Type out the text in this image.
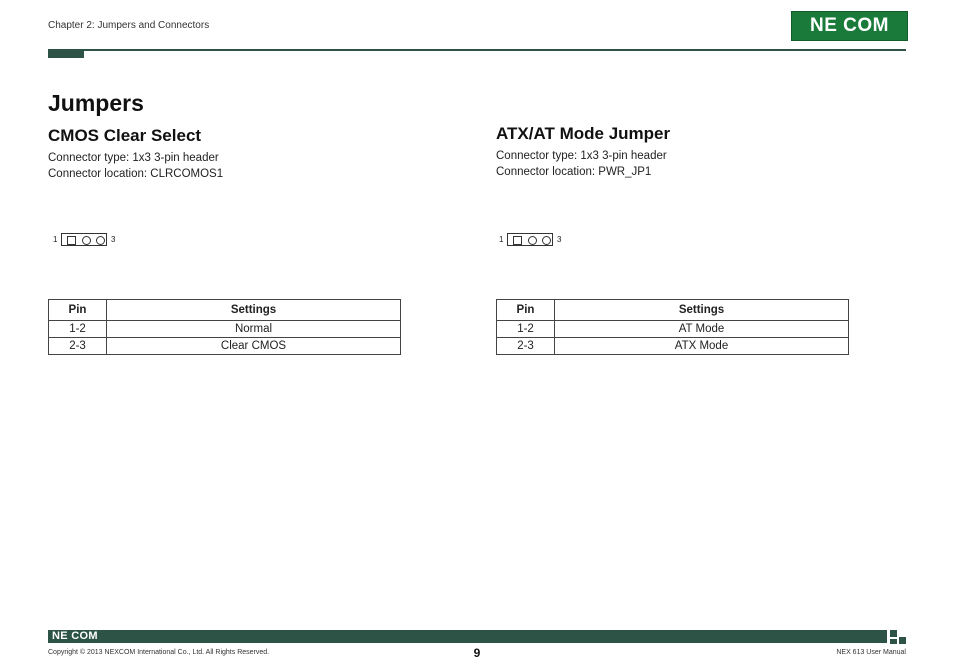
Chapter 2: Jumpers and Connectors	NE COM
Jumpers
CMOS Clear Select
Connector type: 1x3 3-pin header
Connector location: CLRCOMOS1
1	3
Pin	Settings
1-2	Normal
2-3	Clear CMOS
ATX/AT Mode Jumper
Connector type: 1x3 3-pin header
Connector location: PWR_JP1
1	3
Pin	Settings
1-2	AT Mode
2-3	ATX Mode
NE COM
Copyright © 2013 NEXCOM International Co., Ltd. All Rights Reserved.	9	NEX 613 User Manual
